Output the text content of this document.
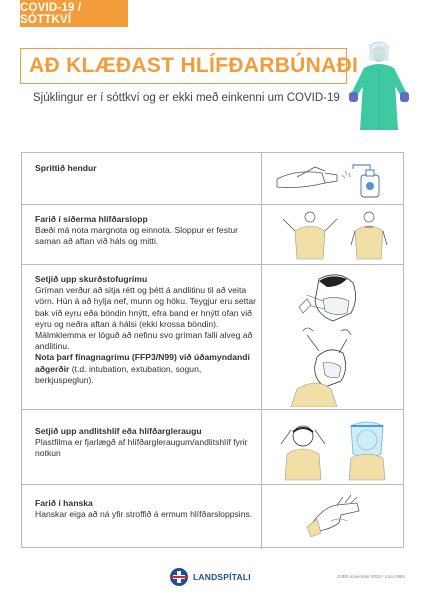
COVID-19 / SÓTTKVÍ
AÐ KLÆÐAST HLÍFÐARBÚNAÐI
Sjúklingur er í sóttkví og er ekki með einkenni um COVID-19
Sprittið hendur
Farið í síðerma hlífðarslopp
Bæði má nota margnota og einnota. Sloppur er festur saman að aftan við háls og mitti.
Setjið upp skurðstofugrímu
Gríman verður að sitja rétt og þétt á andlitinu til að veita vörn. Hún á að hylja nef, munn og höku. Teygjur eru settar bak við eyru eða böndin hnýtt, efra band er hnýtt ofan við eyru og neðra aftan á hálsi (ekki krossa böndin). Málmklemma er löguð að nefinu svo gríman falli alveg að andlitinu.
Nota þarf fínagnagrímu (FFP3/N99) við úðamyndandi aðgerðir (t.d. intubation, extubation, sogun, berkjuspeglun).
Setjið upp andlitshlíf eða hlífðargleraugu
Plastfilma er fjarlægð af hlífðargleraugum/andlitshlíf fyrir notkun
Farið í hanska
Hanskar eiga að ná yfir stroffið á ermum hlífðarsloppsins.
LANDSPÍTALI	GÆÐ nóvember 2020 / LSH-2984
